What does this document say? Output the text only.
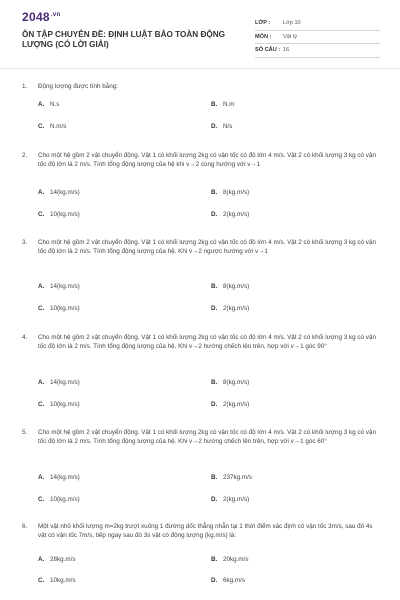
$2048^{.vn}$
ÔN TẬP CHUYÊN ĐỀ: ĐỊNH LUẬT BẢO TOÀN ĐỘNG LƯỢNG (CÓ LỜI GIẢI)
LỚP :	Lớp 10
MÔN :	Vật lý
SỐ CÂU : 16
1.	Động lượng được tính bằng:
A. N.s	B. N.m
C. N.m/s	D. N/s
2.	Cho một hệ gồm 2 vật chuyển động. Vật 1 có khối lượng 2kg có vận tốc có độ lớn 4 m/s. Vật 2 có khối lượng 3 kg có vận tốc độ lớn là 2 m/s. Tính tổng động lượng của hệ khi v→2 cùng hướng với v→1
A. 14(kg.m/s)	B. 8(kg.m/s)
C. 10(kg.m/s)	D. 2(kg.m/s)
3.	Cho một hệ gồm 2 vật chuyển động. Vật 1 có khối lượng 2kg có vận tốc có độ lớn 4 m/s. Vật 2 có khối lượng 3 kg có vận tốc độ lớn là 2 m/s. Tính tổng động lượng của hệ. Khi v→2 ngược hướng với v→1
A. 14(kg.m/s)	B. 8(kg.m/s)
C. 10(kg.m/s)	D. 2(kg.m/s)
4.	Cho một hệ gồm 2 vật chuyển động. Vật 1 có khối lượng 2kg có vận tốc có độ lớn 4 m/s. Vật 2 có khối lượng 3 kg có vận tốc độ lớn là 2 m/s. Tính tổng động lượng của hệ. Khi v→2 hướng chếch lên trên, hợp với v→1 góc 90°
A. 14(kg.m/s)	B. 8(kg.m/s)
C. 10(kg.m/s)	D. 2(kg.m/s)
5.	Cho một hệ gồm 2 vật chuyển động. Vật 1 có khối lượng 2kg có vận tốc có độ lớn 4 m/s. Vật 2 có khối lượng 3 kg có vận tốc độ lớn là 2 m/s. Tính tổng động lượng của hệ. Khi v→2 hướng chếch lên trên, hợp với v→1 góc 60°
A. 14(kg.m/s)	B. 237kg.m/s
C. 10(kg.m/s)	D. 2(kg.m/s)
6.	Một vật nhỏ khối lượng m=2kg trượt xuống 1 đường dốc thẳng nhẵn tại 1 thời điểm xác định có vận tốc 3m/s, sau đó 4s vật có vận tốc 7m/s, tiếp ngay sau đó 3s vật có động lượng (kg.m/s) là:
A. 28kg.m/s	B. 20kg.m/s
C. 10kg.m/s	D. 6kg.m/s
